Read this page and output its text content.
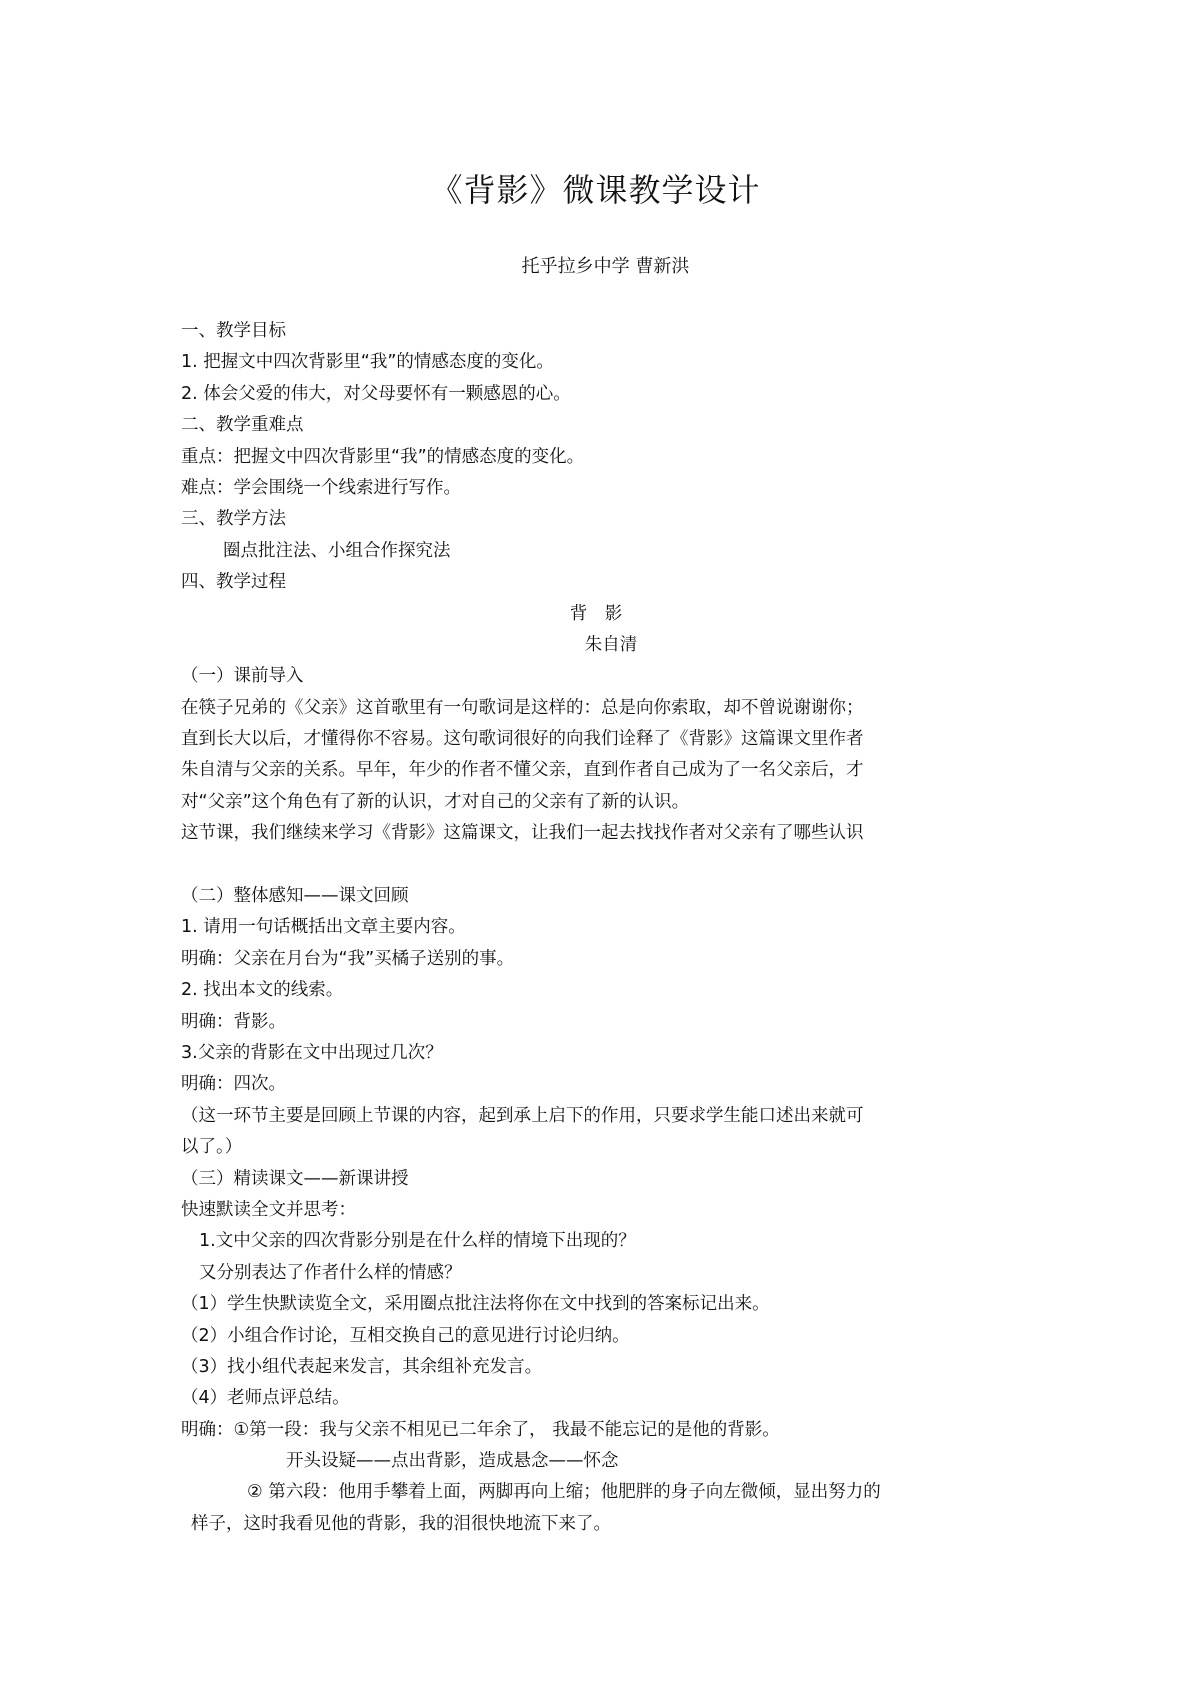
《背影》微课教学设计
托乎拉乡中学 曹新洪
一、教学目标
1. 把握文中四次背影里“我”的情感态度的变化。
2. 体会父爱的伟大，对父母要怀有一颗感恩的心。
二、教学重难点
重点：把握文中四次背影里“我”的情感态度的变化。
难点：学会围绕一个线索进行写作。
三、教学方法
圈点批注法、小组合作探究法
四、教学过程
背 影
朱自清
（一）课前导入
在筷子兄弟的《父亲》这首歌里有一句歌词是这样的：总是向你索取，却不曾说谢谢你；
直到长大以后，才懂得你不容易。这句歌词很好的向我们诠释了《背影》这篇课文里作者
朱自清与父亲的关系。早年，年少的作者不懂父亲，直到作者自己成为了一名父亲后，才
对“父亲”这个角色有了新的认识，才对自己的父亲有了新的认识。
这节课，我们继续来学习《背影》这篇课文，让我们一起去找找作者对父亲有了哪些认识
（二）整体感知——课文回顾
1. 请用一句话概括出文章主要内容。
明确：父亲在月台为“我”买橘子送别的事。
2. 找出本文的线索。
明确：背影。
3.父亲的背影在文中出现过几次？
明确：四次。
（这一环节主要是回顾上节课的内容，起到承上启下的作用，只要求学生能口述出来就可
以了。）
（三）精读课文——新课讲授
快速默读全文并思考：
1.文中父亲的四次背影分别是在什么样的情境下出现的？
又分别表达了作者什么样的情感？
（1）学生快默读览全文，采用圈点批注法将你在文中找到的答案标记出来。
（2）小组合作讨论，互相交换自己的意见进行讨论归纳。
（3）找小组代表起来发言，其余组补充发言。
（4）老师点评总结。
明确：①第一段：我与父亲不相见已二年余了， 我最不能忘记的是他的背影。
开头设疑——点出背影，造成悬念——怀念
② 第六段：他用手攀着上面，两脚再向上缩；他肥胖的身子向左微倾，显出努力的
样子，这时我看见他的背影，我的泪很快地流下来了。
